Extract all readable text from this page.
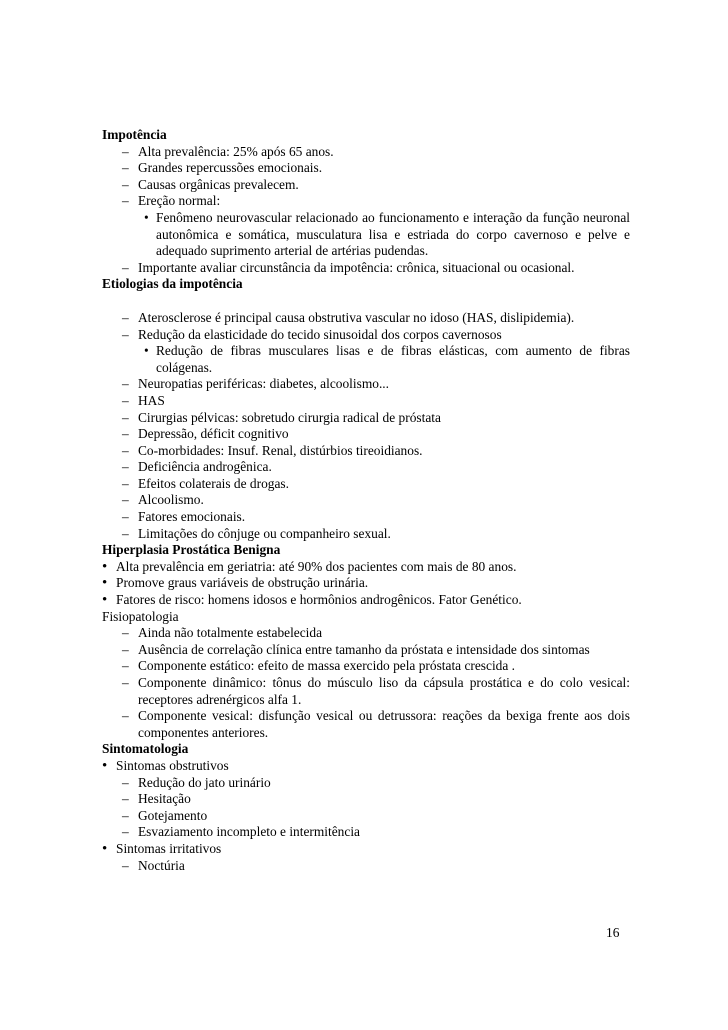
Impotência
– Alta prevalência: 25% após 65 anos.
– Grandes repercussões emocionais.
– Causas orgânicas prevalecem.
– Ereção normal:
• Fenômeno neurovascular relacionado ao funcionamento e interação da função neuronal autonômica e somática, musculatura lisa e estriada do corpo cavernoso e pelve e adequado suprimento arterial de artérias pudendas.
– Importante avaliar circunstância da impotência: crônica, situacional ou ocasional.
Etiologias da impotência
– Aterosclerose é principal causa obstrutiva vascular no idoso (HAS, dislipidemia).
– Redução da elasticidade do tecido sinusoidal dos corpos cavernosos
• Redução de fibras musculares lisas e de fibras elásticas, com aumento de fibras colágenas.
– Neuropatias periféricas: diabetes, alcoolismo...
– HAS
– Cirurgias pélvicas: sobretudo cirurgia radical de próstata
– Depressão, déficit cognitivo
– Co-morbidades: Insuf. Renal, distúrbios tireoidianos.
– Deficiência androgênica.
– Efeitos colaterais de drogas.
– Alcoolismo.
– Fatores emocionais.
– Limitações do cônjuge ou companheiro sexual.
Hiperplasia Prostática Benigna
• Alta prevalência em geriatria: até 90% dos pacientes com mais de 80 anos.
• Promove graus variáveis de obstrução urinária.
• Fatores de risco: homens idosos e hormônios androgênicos. Fator Genético.
Fisiopatologia
– Ainda não totalmente estabelecida
– Ausência de correlação clínica entre tamanho da próstata e intensidade dos sintomas
– Componente estático: efeito de massa exercido pela próstata crescida .
– Componente dinâmico: tônus do músculo liso da cápsula prostática e do colo vesical: receptores adrenérgicos alfa 1.
– Componente vesical: disfunção vesical ou detrussora: reações da bexiga frente aos dois componentes anteriores.
Sintomatologia
• Sintomas obstrutivos
– Redução do jato urinário
– Hesitação
– Gotejamento
– Esvaziamento incompleto e intermitência
• Sintomas irritativos
– Noctúria
16
